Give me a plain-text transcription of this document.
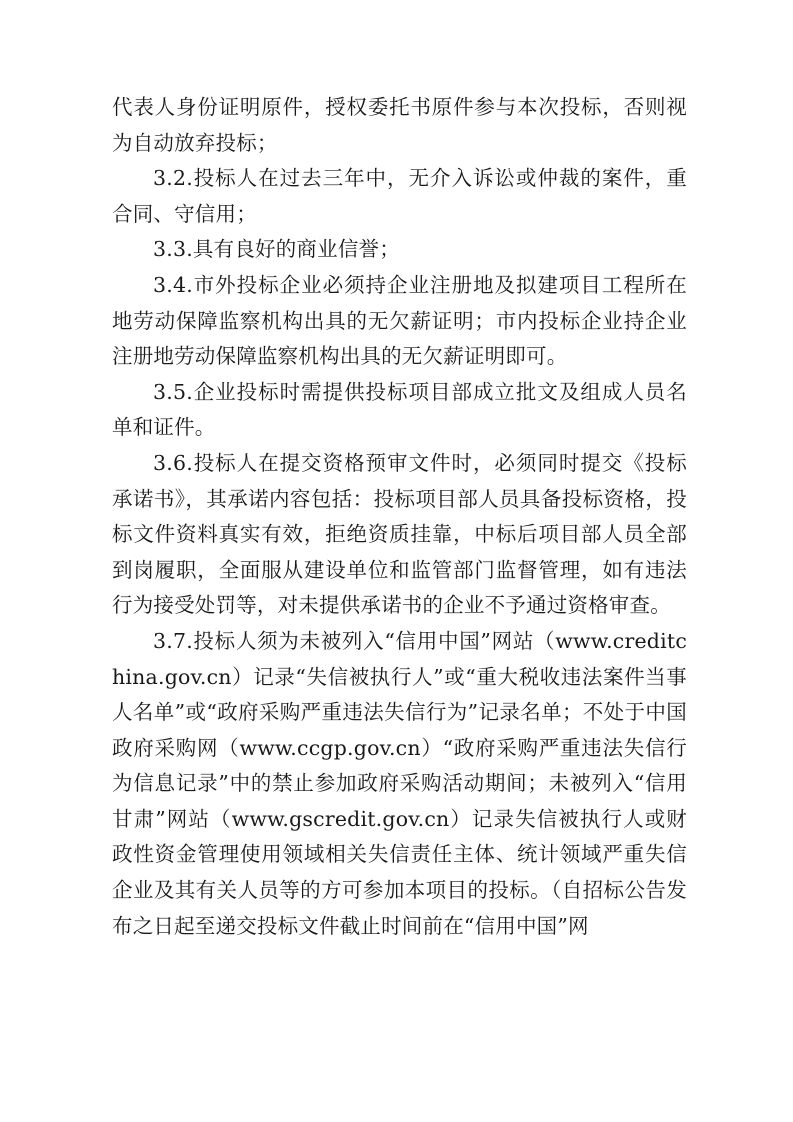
代表人身份证明原件，授权委托书原件参与本次投标，否则视为自动放弃投标；

3.2.投标人在过去三年中，无介入诉讼或仲裁的案件，重合同、守信用；

3.3.具有良好的商业信誉；

3.4.市外投标企业必须持企业注册地及拟建项目工程所在地劳动保障监察机构出具的无欠薪证明；市内投标企业持企业注册地劳动保障监察机构出具的无欠薪证明即可。

3.5.企业投标时需提供投标项目部成立批文及组成人员名单和证件。

3.6.投标人在提交资格预审文件时，必须同时提交《投标承诺书》，其承诺内容包括：投标项目部人员具备投标资格，投标文件资料真实有效，拒绝资质挂靠，中标后项目部人员全部到岗履职，全面服从建设单位和监管部门监督管理，如有违法行为接受处罚等，对未提供承诺书的企业不予通过资格审查。

3.7.投标人须为未被列入“信用中国”网站（www.creditchina.gov.cn）记录“失信被执行人”或“重大税收违法案件当事人名单”或“政府采购严重违法失信行为”记录名单；不处于中国政府采购网（www.ccgp.gov.cn）“政府采购严重违法失信行为信息记录”中的禁止参加政府采购活动期间；未被列入“信用甘肃”网站（www.gscredit.gov.cn）记录失信被执行人或财政性资金管理使用领域相关失信责任主体、统计领域严重失信企业及其有关人员等的方可参加本项目的投标。（自招标公告发布之日起至递交投标文件截止时间前在“信用中国”网
